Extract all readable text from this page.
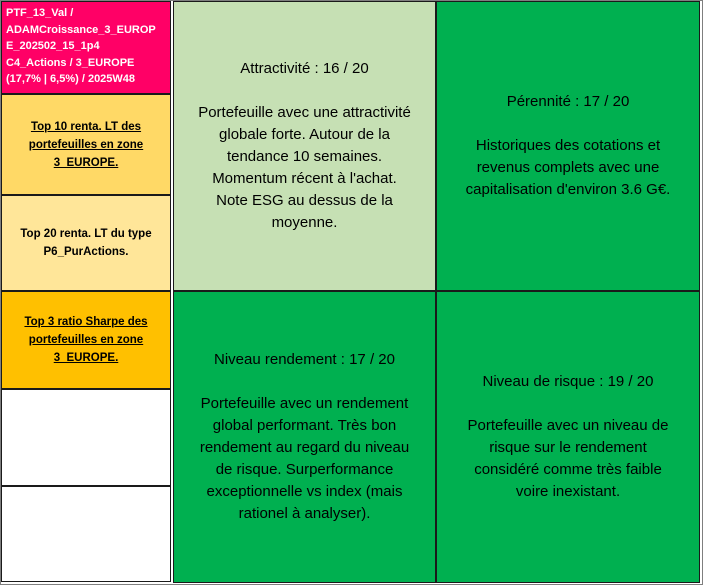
PTF_13_Val /
ADAMCroissance_3_EUROP
E_202502_15_1p4
C4_Actions / 3_EUROPE
(17,7% | 6,5%) / 2025W48
Top 10 renta. LT des
portefeuilles en zone
3_EUROPE.
Top 20 renta. LT du type
P6_PurActions.
Top 3 ratio Sharpe des
portefeuilles en zone
3_EUROPE.
Attractivité : 16 / 20
Portefeuille avec une attractivité
globale forte. Autour de la
tendance 10 semaines.
Momentum récent à l'achat.
Note ESG au dessus de la
moyenne.
Pérennité : 17 / 20
Historiques des cotations et
revenus complets avec une
capitalisation d'environ 3.6 G€.
Niveau rendement : 17 / 20
Portefeuille avec un rendement
global performant. Très bon
rendement au regard du niveau
de risque. Surperformance
exceptionnelle vs index (mais
rationel à analyser).
Niveau de risque : 19 / 20
Portefeuille avec un niveau de
risque sur le rendement
considéré comme très faible
voire inexistant.
